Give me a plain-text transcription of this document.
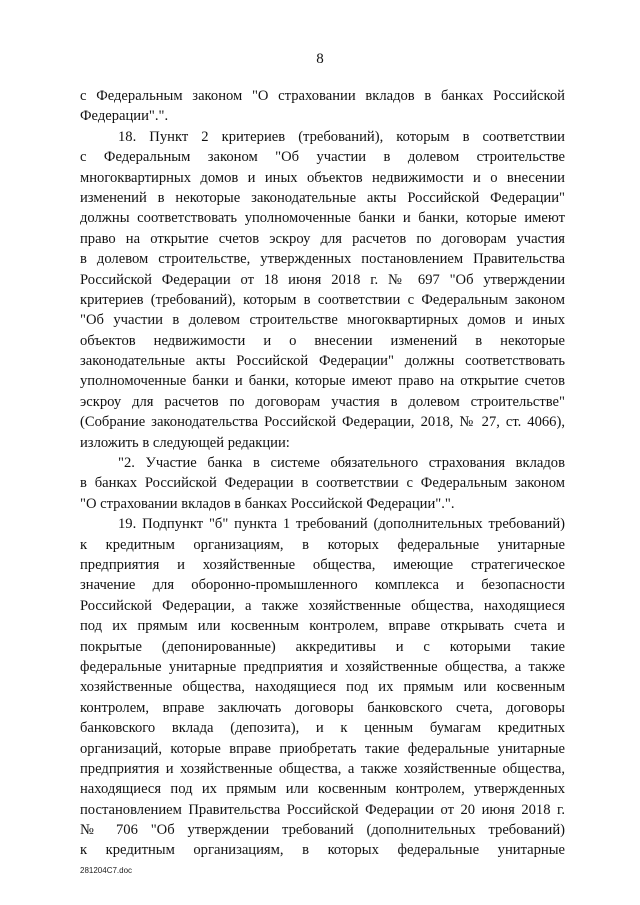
8
с Федеральным законом "О страховании вкладов в банках Российской
Федерации".".
18. Пункт 2 критериев (требований), которым в соответствии
с Федеральным законом "Об участии в долевом строительстве
многоквартирных домов и иных объектов недвижимости и о внесении
изменений в некоторые законодательные акты Российской Федерации"
должны соответствовать уполномоченные банки и банки, которые имеют
право на открытие счетов эскроу для расчетов по договорам участия
в долевом строительстве, утвержденных постановлением Правительства
Российской Федерации от 18 июня 2018 г. № 697 "Об утверждении
критериев (требований), которым в соответствии с Федеральным законом
"Об участии в долевом строительстве многоквартирных домов и иных
объектов недвижимости и о внесении изменений в некоторые
законодательные акты Российской Федерации" должны соответствовать
уполномоченные банки и банки, которые имеют право на открытие счетов
эскроу для расчетов по договорам участия в долевом строительстве"
(Собрание законодательства Российской Федерации, 2018, № 27, ст. 4066),
изложить в следующей редакции:
"2. Участие банка в системе обязательного страхования вкладов
в банках Российской Федерации в соответствии с Федеральным законом
"О страховании вкладов в банках Российской Федерации".".
19. Подпункт "б" пункта 1 требований (дополнительных требований)
к кредитным организациям, в которых федеральные унитарные
предприятия и хозяйственные общества, имеющие стратегическое
значение для оборонно-промышленного комплекса и безопасности
Российской Федерации, а также хозяйственные общества, находящиеся
под их прямым или косвенным контролем, вправе открывать счета и
покрытые (депонированные) аккредитивы и с которыми такие
федеральные унитарные предприятия и хозяйственные общества, а также
хозяйственные общества, находящиеся под их прямым или косвенным
контролем, вправе заключать договоры банковского счета, договоры
банковского вклада (депозита), и к ценным бумагам кредитных
организаций, которые вправе приобретать такие федеральные унитарные
предприятия и хозяйственные общества, а также хозяйственные общества,
находящиеся под их прямым или косвенным контролем, утвержденных
постановлением Правительства Российской Федерации от 20 июня 2018 г.
№ 706 "Об утверждении требований (дополнительных требований)
к кредитным организациям, в которых федеральные унитарные
281204С7.doc
